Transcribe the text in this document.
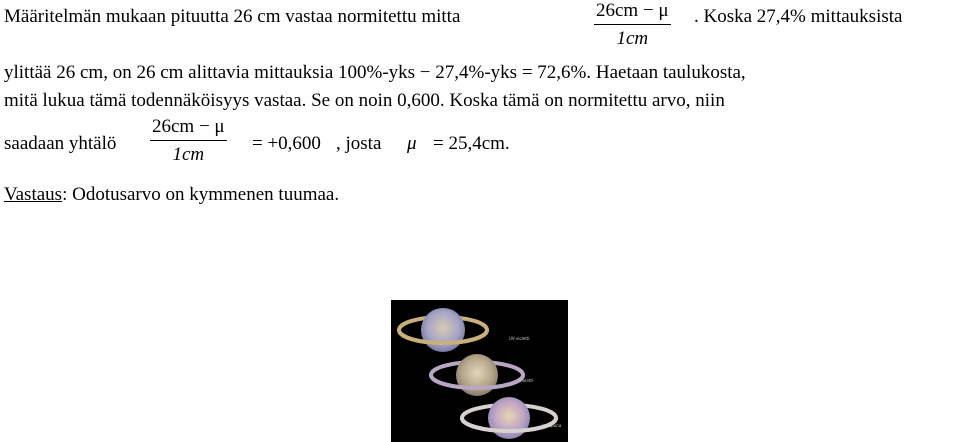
Määritelmän mukaan pituutta 26 cm vastaa normitettu mitta	26cm − μ
1cm
. Koska 27,4% mittauksista
ylittää 26 cm, on 26 cm alittavia mittauksia 100%-yks − 27,4%-yks = 72,6%. Haetaan taulukosta,
mitä lukua tämä todennäköisyys vastaa. Se on noin 0,600. Koska tämä on normitettu arvo, niin
saadaan yhtälö
26cm − μ
1cm
= +0,600 , josta μ = 25,4cm.
Vastaus: Odotusarvo on kymmenen tuumaa.
UV-violetti
Violetti
Infrapuna
